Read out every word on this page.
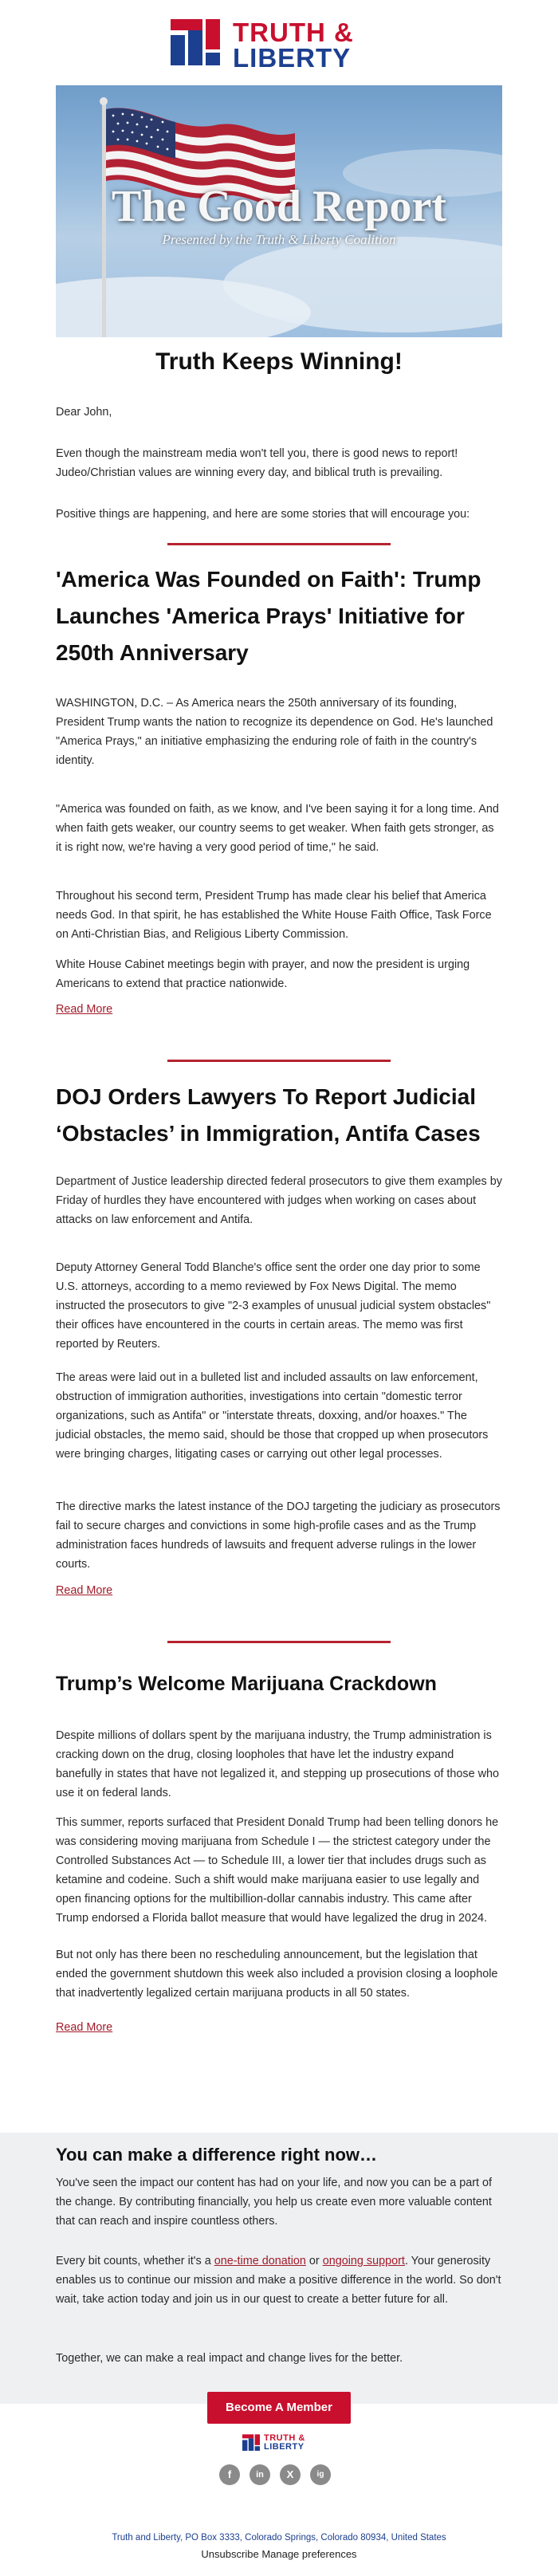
TRUTH &
LIBERTY
The Good Report
Presented by the Truth & Liberty Coalition
Truth Keeps Winning!
Dear John,
Even though the mainstream media won't tell you, there is good news to report! Judeo/Christian values are winning every day, and biblical truth is prevailing.
Positive things are happening, and here are some stories that will encourage you:
'America Was Founded on Faith': Trump Launches 'America Prays' Initiative for 250th Anniversary
WASHINGTON, D.C. – As America nears the 250th anniversary of its founding, President Trump wants the nation to recognize its dependence on God. He's launched "America Prays," an initiative emphasizing the enduring role of faith in the country's identity.
"America was founded on faith, as we know, and I've been saying it for a long time. And when faith gets weaker, our country seems to get weaker. When faith gets stronger, as it is right now, we're having a very good period of time," he said.
Throughout his second term, President Trump has made clear his belief that America needs God. In that spirit, he has established the White House Faith Office, Task Force on Anti-Christian Bias, and Religious Liberty Commission.
White House Cabinet meetings begin with prayer, and now the president is urging Americans to extend that practice nationwide.
Read More
DOJ Orders Lawyers To Report Judicial ‘Obstacles’ in Immigration, Antifa Cases
Department of Justice leadership directed federal prosecutors to give them examples by Friday of hurdles they have encountered with judges when working on cases about attacks on law enforcement and Antifa.
Deputy Attorney General Todd Blanche's office sent the order one day prior to some U.S. attorneys, according to a memo reviewed by Fox News Digital. The memo instructed the prosecutors to give "2-3 examples of unusual judicial system obstacles" their offices have encountered in the courts in certain areas. The memo was first reported by Reuters.
The areas were laid out in a bulleted list and included assaults on law enforcement, obstruction of immigration authorities, investigations into certain "domestic terror organizations, such as Antifa" or "interstate threats, doxxing, and/or hoaxes." The judicial obstacles, the memo said, should be those that cropped up when prosecutors were bringing charges, litigating cases or carrying out other legal processes.
The directive marks the latest instance of the DOJ targeting the judiciary as prosecutors fail to secure charges and convictions in some high-profile cases and as the Trump administration faces hundreds of lawsuits and frequent adverse rulings in the lower courts.
Read More
Trump’s Welcome Marijuana Crackdown
Despite millions of dollars spent by the marijuana industry, the Trump administration is cracking down on the drug, closing loopholes that have let the industry expand banefully in states that have not legalized it, and stepping up prosecutions of those who use it on federal lands.
This summer, reports surfaced that President Donald Trump had been telling donors he was considering moving marijuana from Schedule I — the strictest category under the Controlled Substances Act — to Schedule III, a lower tier that includes drugs such as ketamine and codeine. Such a shift would make marijuana easier to use legally and open financing options for the multibillion-dollar cannabis industry. This came after Trump endorsed a Florida ballot measure that would have legalized the drug in 2024.
But not only has there been no rescheduling announcement, but the legislation that ended the government shutdown this week also included a provision closing a loophole that inadvertently legalized certain marijuana products in all 50 states.
Read More
You can make a difference right now…
You've seen the impact our content has had on your life, and now you can be a part of the change. By contributing financially, you help us create even more valuable content that can reach and inspire countless others.
Every bit counts, whether it's a one-time donation or ongoing support. Your generosity enables us to continue our mission and make a positive difference in the world. So don't wait, take action today and join us in our quest to create a better future for all.
Together, we can make a real impact and change lives for the better.
Become A Member
TRUTH &
LIBERTY
f	in	X	ig
Truth and Liberty, PO Box 3333, Colorado Springs, Colorado 80934, United States
Unsubscribe Manage preferences
